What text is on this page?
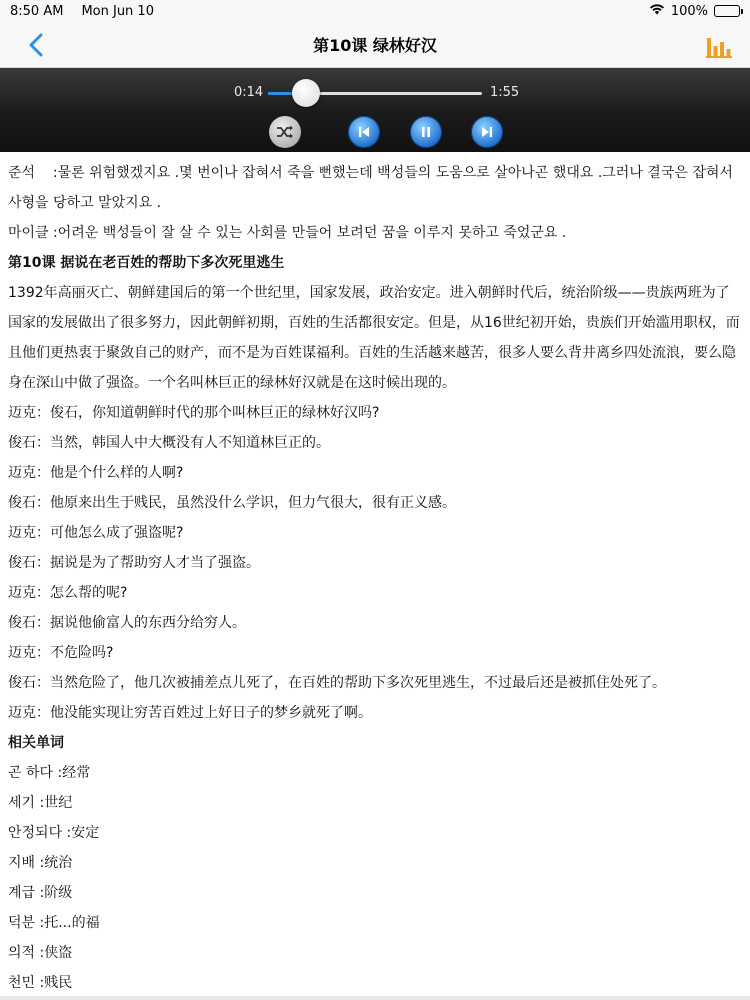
8:50 AM Mon Jun 10	100%
第10课 绿林好汉
0:14	1:55

준석    :물론 위험했겠지요 .몇 번이나 잡혀서 죽을 뻔했는데 백성들의 도움으로 살아나곤 했대요 .그러나 결국은 잡혀서 사형을 당하고 말았지요 .

마이클 :어려운 백성들이 잘 살 수 있는 사회를 만들어 보려던 꿈을 이루지 못하고 죽었군요 .

第10课 据说在老百姓的帮助下多次死里逃生

1392年高丽灭亡、朝鲜建国后的第一个世纪里，国家发展，政治安定。进入朝鲜时代后，统治阶级——贵族两班为了国家的发展做出了很多努力，因此朝鲜初期，百姓的生活都很安定。但是，从16世纪初开始，贵族们开始滥用职权，而且他们更热衷于聚敛自己的财产，而不是为百姓谋福利。百姓的生活越来越苦，很多人要么背井离乡四处流浪，要么隐身在深山中做了强盗。一个名叫林巨正的绿林好汉就是在这时候出现的。

迈克：俊石，你知道朝鲜时代的那个叫林巨正的绿林好汉吗?

俊石：当然，韩国人中大概没有人不知道林巨正的。

迈克：他是个什么样的人啊?

俊石：他原来出生于贱民，虽然没什么学识，但力气很大，很有正义感。

迈克：可他怎么成了强盗呢?

俊石：据说是为了帮助穷人才当了强盗。

迈克：怎么帮的呢?

俊石：据说他偷富人的东西分给穷人。

迈克：不危险吗?

俊石：当然危险了，他几次被捕差点儿死了，在百姓的帮助下多次死里逃生，不过最后还是被抓住处死了。

迈克：他没能实现让穷苦百姓过上好日子的梦乡就死了啊。

相关单词

곤 하다 :经常

세기 :世纪

안정되다 :安定

지배 :统治

계급 :阶级

덕분 :托...的福

의적 :侠盗

천민 :贱民
